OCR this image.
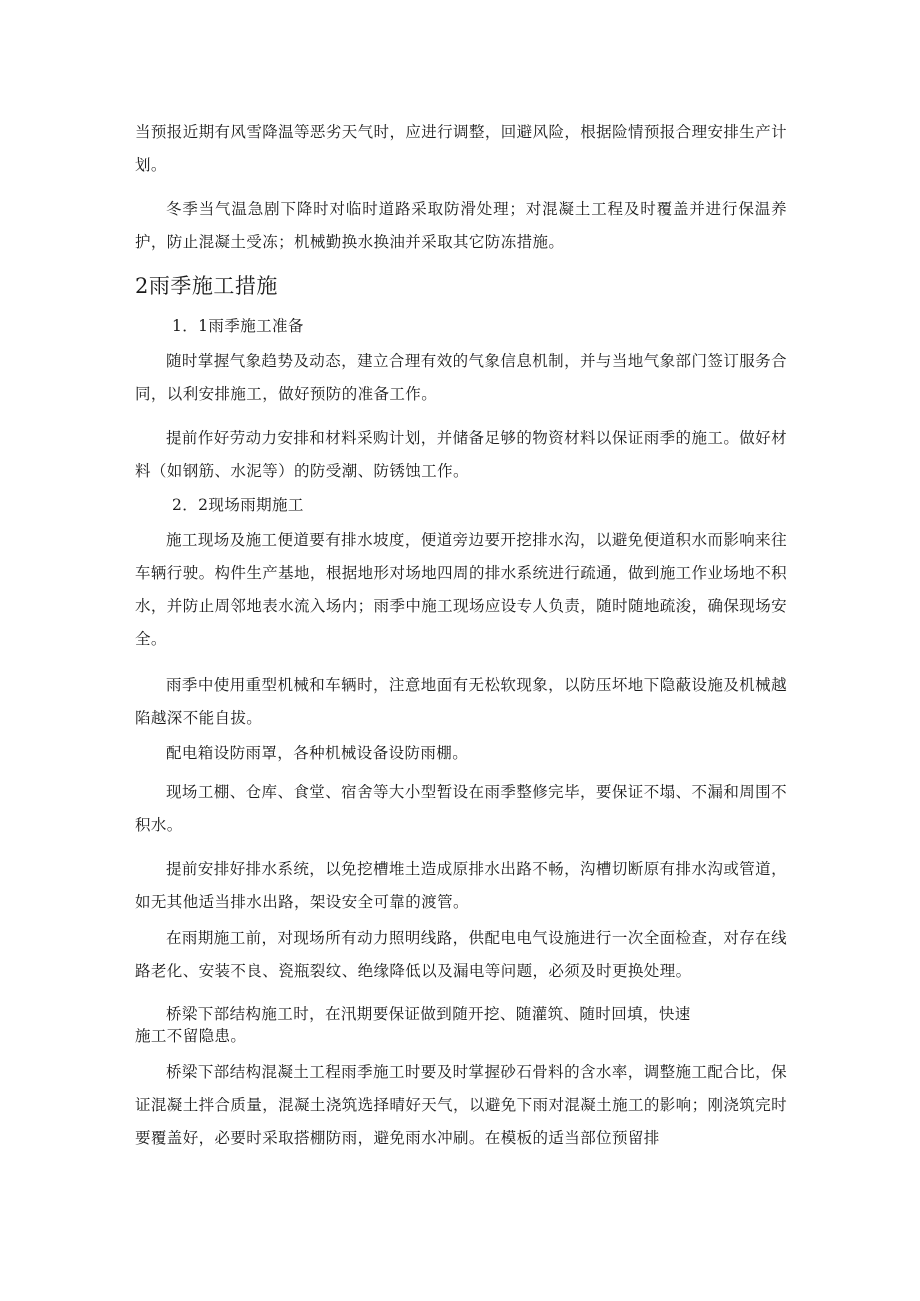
当预报近期有风雪降温等恶劣天气时，应进行调整，回避风险，根据险情预报合理安排生产计划。
冬季当气温急剧下降时对临时道路采取防滑处理；对混凝土工程及时覆盖并进行保温养护，防止混凝土受冻；机械勤换水换油并采取其它防冻措施。
2雨季施工措施
1．1雨季施工准备
随时掌握气象趋势及动态，建立合理有效的气象信息机制，并与当地气象部门签订服务合同，以利安排施工，做好预防的准备工作。
提前作好劳动力安排和材料采购计划，并储备足够的物资材料以保证雨季的施工。做好材料（如钢筋、水泥等）的防受潮、防锈蚀工作。
2．2现场雨期施工
施工现场及施工便道要有排水坡度，便道旁边要开挖排水沟，以避免便道积水而影响来往车辆行驶。构件生产基地，根据地形对场地四周的排水系统进行疏通，做到施工作业场地不积水，并防止周邻地表水流入场内；雨季中施工现场应设专人负责，随时随地疏浚，确保现场安全。
雨季中使用重型机械和车辆时，注意地面有无松软现象，以防压坏地下隐蔽设施及机械越陷越深不能自拔。
配电箱设防雨罩，各种机械设备设防雨棚。
现场工棚、仓库、食堂、宿舍等大小型暂设在雨季整修完毕，要保证不塌、不漏和周围不积水。
提前安排好排水系统，以免挖槽堆土造成原排水出路不畅，沟槽切断原有排水沟或管道，如无其他适当排水出路，架设安全可靠的渡管。
在雨期施工前，对现场所有动力照明线路，供配电电气设施进行一次全面检查，对存在线路老化、安装不良、瓷瓶裂纹、绝缘降低以及漏电等问题，必须及时更换处理。
桥梁下部结构施工时，在汛期要保证做到随开挖、随灌筑、随时回填，快速
施工不留隐患。
桥梁下部结构混凝土工程雨季施工时要及时掌握砂石骨料的含水率，调整施工配合比，保证混凝土拌合质量，混凝土浇筑选择晴好天气，以避免下雨对混凝土施工的影响；刚浇筑完时要覆盖好，必要时采取搭棚防雨，避免雨水冲刷。在模板的适当部位预留排
